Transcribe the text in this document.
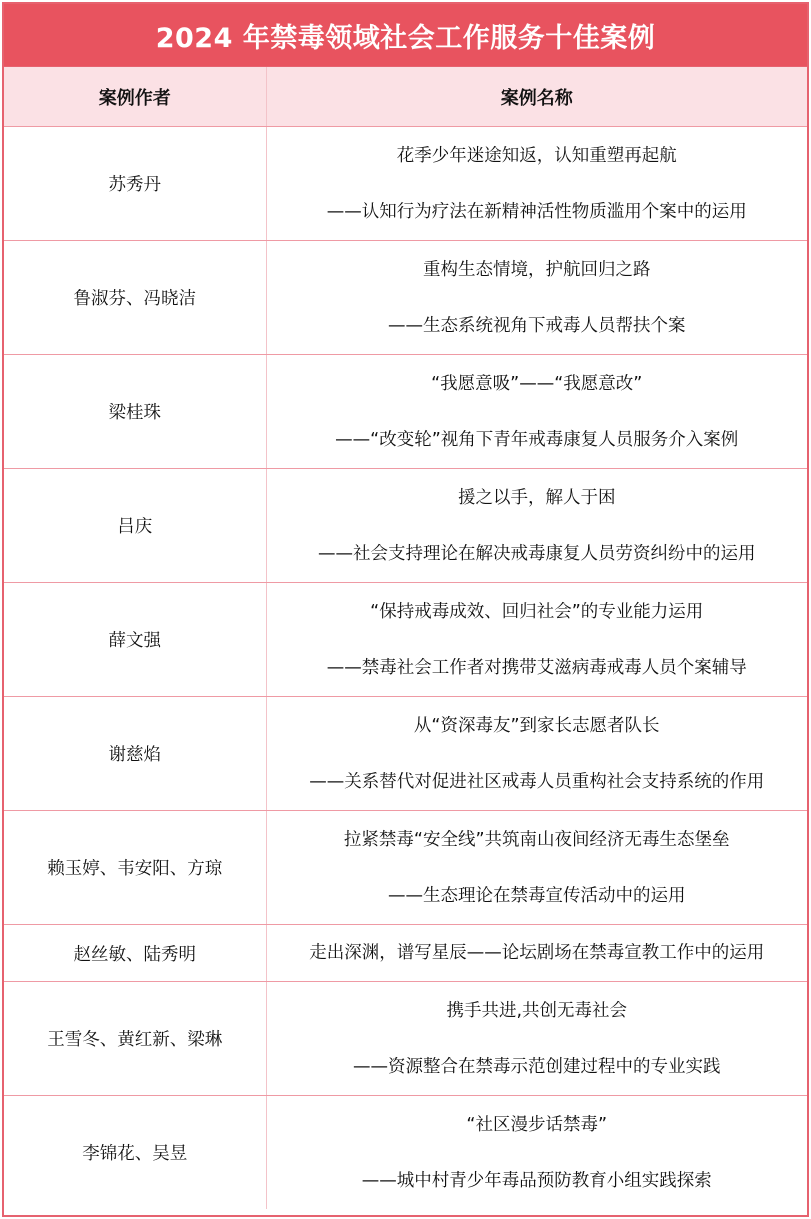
2024 年禁毒领域社会工作服务十佳案例
案例作者	案例名称
苏秀丹	花季少年迷途知返，认知重塑再起航
——认知行为疗法在新精神活性物质滥用个案中的运用

鲁淑芬、冯晓洁	重构生态情境，护航回归之路
——生态系统视角下戒毒人员帮扶个案

梁桂珠	“我愿意吸”——“我愿意改”
——“改变轮”视角下青年戒毒康复人员服务介入案例

吕庆	援之以手，解人于困
——社会支持理论在解决戒毒康复人员劳资纠纷中的运用

薛文强	“保持戒毒成效、回归社会”的专业能力运用
——禁毒社会工作者对携带艾滋病毒戒毒人员个案辅导

谢慈焰	从“资深毒友”到家长志愿者队长
——关系替代对促进社区戒毒人员重构社会支持系统的作用

赖玉婷、韦安阳、方琼	拉紧禁毒“安全线”共筑南山夜间经济无毒生态堡垒
——生态理论在禁毒宣传活动中的运用

赵丝敏、陆秀明	走出深渊，谱写星辰——论坛剧场在禁毒宣教工作中的运用

王雪冬、黄红新、梁琳	携手共进,共创无毒社会
——资源整合在禁毒示范创建过程中的专业实践

李锦花、吴昱	“社区漫步话禁毒”
——城中村青少年毒品预防教育小组实践探索
